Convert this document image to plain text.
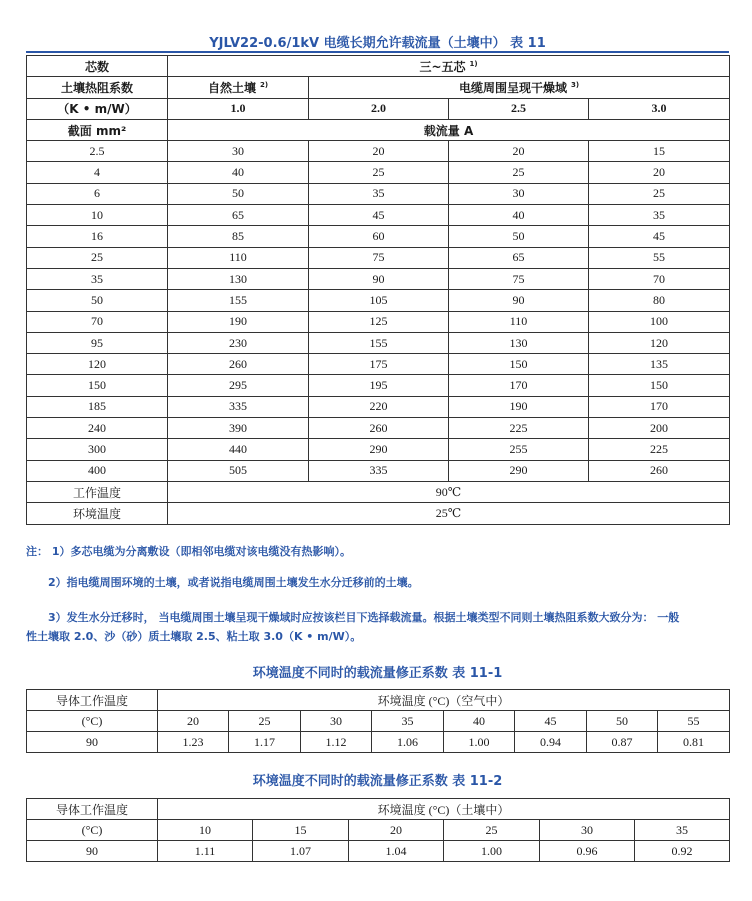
YJLV22-0.6/1kV 电缆长期允许载流量（土壤中） 表 11
芯数	三~五芯 $^{1)}$
土壤热阻系数	自然土壤 $^{2)}$	电缆周围呈现干燥域 $^{3)}$
（K • m/W）	1.0	2.0	2.5	3.0
截面 mm²	载流量 A			
2.5	30	20	20	15
4	40	25	25	20
6	50	35	30	25
10	65	45	40	35
16	85	60	50	45
25	110	75	65	55
35	130	90	75	70
50	155	105	90	80
70	190	125	110	100
95	230	155	130	120
120	260	175	150	135
150	295	195	170	150
185	335	220	190	170
240	390	260	225	200
300	440	290	255	225
400	505	335	290	260
工作温度	90℃			
环境温度	25℃			
注： 1）多芯电缆为分离敷设（即相邻电缆对该电缆没有热影响）。
2）指电缆周围环境的土壤，或者说指电缆周围土壤发生水分迁移前的土壤。
3）发生水分迁移时， 当电缆周围土壤呈现干燥域时应按该栏目下选择载流量。根据土壤类型不同则土壤热阻系数大致分为： 一般
性土壤取 2.0、沙（砂）质土壤取 2.5、粘土取 3.0（K • m/W）。
环境温度不同时的载流量修正系数 表 11-1
导体工作温度	环境温度 (°C)（空气中）							
(°C)	20	25	30	35	40	45	50	55
90	1.23	1.17	1.12	1.06	1.00	0.94	0.87	0.81
环境温度不同时的载流量修正系数 表 11-2
导体工作温度	环境温度 (°C)（土壤中）					
(°C)	10	15	20	25	30	35
90	1.11	1.07	1.04	1.00	0.96	0.92
